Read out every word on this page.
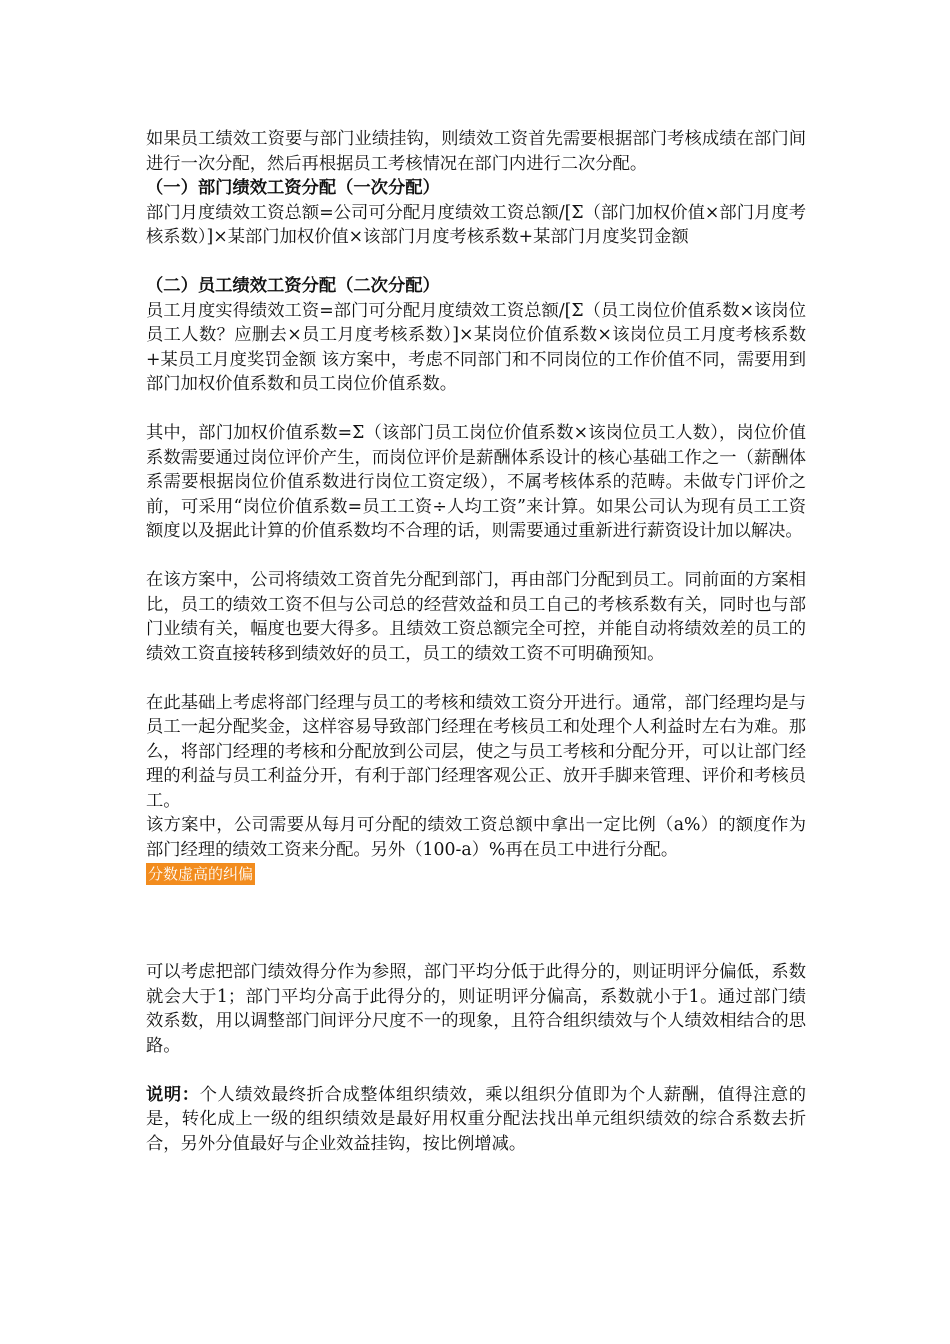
如果员工绩效工资要与部门业绩挂钩，则绩效工资首先需要根据部门考核成绩在部门间进行一次分配，然后再根据员工考核情况在部门内进行二次分配。

（一）部门绩效工资分配（一次分配）

部门月度绩效工资总额=公司可分配月度绩效工资总额/[Σ（部门加权价值×部门月度考核系数）]×某部门加权价值×该部门月度考核系数+某部门月度奖罚金额

（二）员工绩效工资分配（二次分配）

员工月度实得绩效工资=部门可分配月度绩效工资总额/[Σ（员工岗位价值系数×该岗位员工人数？应删去×员工月度考核系数）]×某岗位价值系数×该岗位员工月度考核系数+某员工月度奖罚金额 该方案中，考虑不同部门和不同岗位的工作价值不同，需要用到部门加权价值系数和员工岗位价值系数。

其中，部门加权价值系数=Σ（该部门员工岗位价值系数×该岗位员工人数），岗位价值系数需要通过岗位评价产生，而岗位评价是薪酬体系设计的核心基础工作之一（薪酬体系需要根据岗位价值系数进行岗位工资定级），不属考核体系的范畴。未做专门评价之前，可采用“岗位价值系数=员工工资÷人均工资”来计算。如果公司认为现有员工工资额度以及据此计算的价值系数均不合理的话，则需要通过重新进行薪资设计加以解决。

在该方案中，公司将绩效工资首先分配到部门，再由部门分配到员工。同前面的方案相比，员工的绩效工资不但与公司总的经营效益和员工自己的考核系数有关，同时也与部门业绩有关，幅度也要大得多。且绩效工资总额完全可控，并能自动将绩效差的员工的绩效工资直接转移到绩效好的员工，员工的绩效工资不可明确预知。

在此基础上考虑将部门经理与员工的考核和绩效工资分开进行。通常，部门经理均是与员工一起分配奖金，这样容易导致部门经理在考核员工和处理个人利益时左右为难。那么，将部门经理的考核和分配放到公司层，使之与员工考核和分配分开，可以让部门经理的利益与员工利益分开，有利于部门经理客观公正、放开手脚来管理、评价和考核员工。

该方案中，公司需要从每月可分配的绩效工资总额中拿出一定比例（a%）的额度作为部门经理的绩效工资来分配。另外（100-a）%再在员工中进行分配。

分数虚高的纠偏

可以考虑把部门绩效得分作为参照，部门平均分低于此得分的，则证明评分偏低，系数就会大于1；部门平均分高于此得分的，则证明评分偏高，系数就小于1。通过部门绩效系数，用以调整部门间评分尺度不一的现象，且符合组织绩效与个人绩效相结合的思路。

说明：个人绩效最终折合成整体组织绩效，乘以组织分值即为个人薪酬，值得注意的是，转化成上一级的组织绩效是最好用权重分配法找出单元组织绩效的综合系数去折合，另外分值最好与企业效益挂钩，按比例增减。
